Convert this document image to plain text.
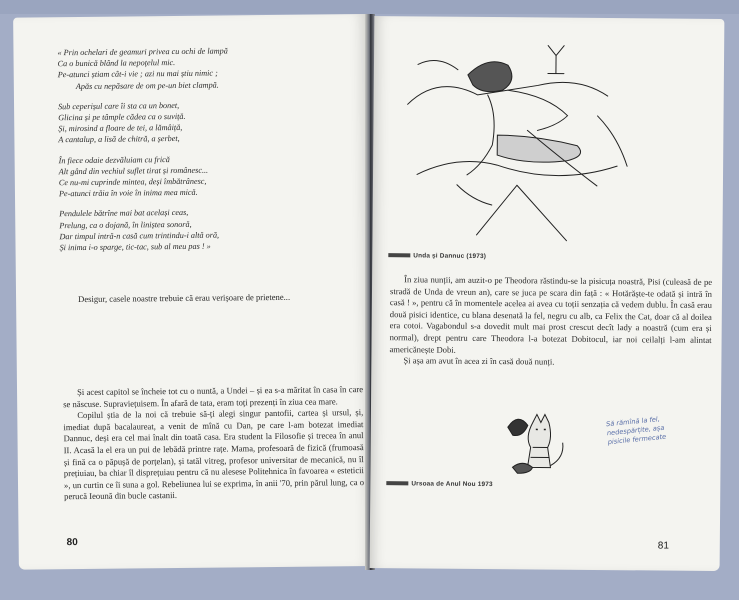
« Prin ochelari de geamuri privea cu ochi de lampă
Ca o bunică blând la nepoțelul mic.
Pe-atunci știam cât-i vie ; azi nu mai știu nimic ;
Apăs cu nepăsare de om pe-un biet clampă.
Sub ceperișul care îi sta ca un bonet,
Glicina și pe tâmple cădea ca o suviță.
Și, mirosind a floare de tei, a lămâiță,
A cantalup, a lisă de chitră, a șerbet,
În fiece odaie dezvăluiam cu frică
Alt gând din vechiul suflet tirat și românesc...
Ce nu-mi cuprinde mintea, deși îmbătrânesc,
Pe-atunci trăia în voie în inima mea mică.
Pendulele bătrîne mai bat același ceas,
Prelung, ca o dojană, în liniștea sonoră,
Dar timpul intră-n casă cum trintindu-i altă oră,
Și inima i-o sparge, tic-tac, sub al meu pas ! »
Desigur, casele noastre trebuie că erau verișoare de prietene...

Și acest capitol se încheie tot cu o nuntă, a Undei – și ea s-a măritat în casa în care se născuse. Supraviețuisem. În afară de tata, eram toți prezenți în ziua cea mare.

Copilul știa de la noi că trebuie să-ți alegi singur pantofii, cartea și ursul, și, imediat după bacalaureat, a venit de mînă cu Dan, pe care l-am botezat imediat Dannuc, deși era cel mai înalt din toată casa. Era student la Filosofie și trecea în anul II. Acasă la el era un pui de lebădă printre rațe. Mama, profesoară de fizică (frumoasă și fină ca o păpușă de porțelan), și tatăl vitreg, profesor universitar de mecanică, nu îl prețiuiau, ba chiar îl disprețuiau pentru că nu alesese Politehnica în favoarea « esteticii », un curtin ce îi suna a gol. Rebeliunea lui se exprima, în anii '70, prin părul lung, ca o perucă Ieoună din bucle castanii.

80
Unda și Dannuc (1973)

În ziua nunții, am auzit-o pe Theodora răstindu-se la pisicuța noastră, Pisi (culeasă de pe stradă de Unda de vreun an), care se juca pe scara din față : « Hotărăște-te odată și intră în casă ! », pentru că în momentele acelea ai avea cu toții senzația că vedem dublu. În casă erau două pisici identice, cu blana desenată la fel, negru cu alb, ca Felix the Cat, doar că al doilea era cotoi. Vagabondul s-a dovedit mult mai prost crescut decît lady a noastră (cum era și normal), drept pentru care Theodora l-a botezat Dobitocul, iar noi ceilalți l-am alintat americănește Dobi.

Și așa am avut în acea zi în casă două nunți.

Să rămînă la fel, nedespărțite, așa pisicile fermecate
Ursoaa de Anul Nou 1973
81
